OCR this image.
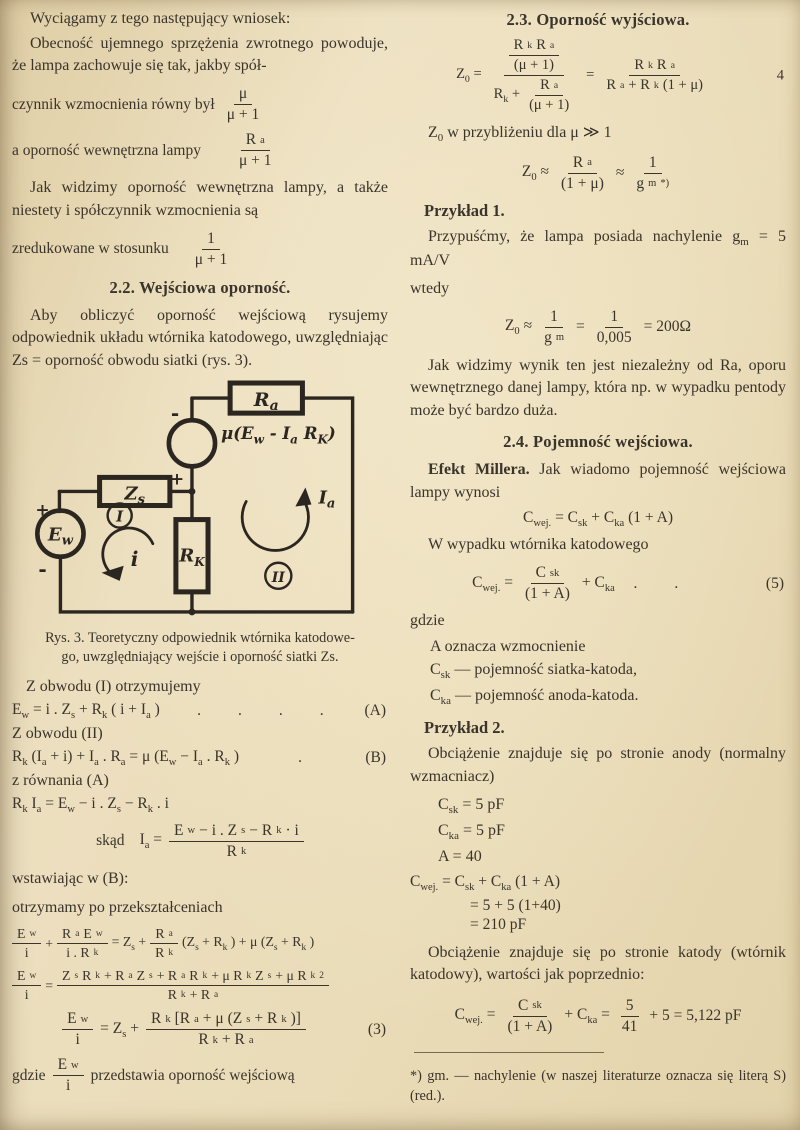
Wyciągamy z tego następujący wniosek:

Obecność ujemnego sprzężenia zwrotnego powoduje, że lampa zachowuje się tak, jakby spół-

czynnik wzmocnienia równy był $\frac{\mu}{\mu + 1}$
a oporność wewnętrzna lampy $\frac{\text{R a}}{\mu + 1}$

Jak widzimy oporność wewnętrzna lampy, a także niestety i spółczynnik wzmocnienia są

zredukowane w stosunku $\frac{1}{\mu + 1}$
2.2. Wejściowa oporność.

Aby obliczyć oporność wejściową rysujemy odpowiednik układu wtórnika katodowego, uwzględniając Zs = oporność obwodu siatki (rys. 3).

$R_a$
$\mu(E_w - I_a$ $R_K$)
$Z_s$
$E_w$
$R_K$
I
II
i
$I_a$
-
+
+
-

Rys. 3. Teoretyczny odpowiednik wtórnika katodowe-
go, uwzględniający wejście i oporność siatki Zs.

Z obwodu (I) otrzymujemy

$E_w = i$ . $Z_s + R_k$ ( $i + I_a$ )	.  .  .  .	(A)

Z obwodu (II)

$R_k$ $(I_a + i) + I_a$ . $R_a = \mu$ ($E_w - I_a$ . $R_k$ )	.	(B)

z równania (A)

$R_k$ $I_a = E_w - i$ . $Z_s - R_k$ . i
skąd $I_a = \frac{\text{E w − i . Z s − R k · i}}{\text{R k}}$

wstawiając w (B):

otrzymamy po przekształceniach

$\frac{\text{E w}}{i} + \frac{\text{R a E w}}{\text{i . R k}} = Z_s + \frac{\text{R a}}{\text{R k}} (Z_s + R_k$ ) + μ ($Z_s + R_k$ )
$\frac{\text{E w}}{i} = \frac{\text{Z s R k + R a Z s + R a R k + μ R k Z s + μ R k 2}}{\text{R k + R a}}$
$\frac{\text{E w}}{i} = Z_s + \frac{\text{R k [R a + μ (Z s + R k )]}}{\text{R k + R a}}$	(3)
gdzie $\frac{\text{E w}}{i}$ przedstawia oporność wejściową
2.3. Oporność wyjściowa.
$Z_0 = \frac{\frac{\text{R k R a}}{(\mu + 1)}}{R_k + \frac{\text{R a}}{(\mu + 1)}} = \frac{\text{R k R a}}{\text{R a + R k (1 + μ)}}$	4

$Z_0$ w przybliżeniu dla μ ≫ 1

$Z_0 \approx \frac{\text{R a}}{(1 + \mu)} \approx \frac{1}{\text{g m *)}}$
Przykład 1.

Przypuśćmy, że lampa posiada nachylenie $g_m = 5$ mA/V

wtedy

$Z_0 \approx \frac{1}{\text{g m}} = \frac{1}{0,005} = 200\Omega$

Jak widzimy wynik ten jest niezależny od Ra, oporu wewnętrznego danej lampy, która np. w wypadku pentody może być bardzo duża.

2.4. Pojemność wejściowa.

Efekt Millera. Jak wiadomo pojemność wejściowa lampy wynosi

$C_{wej.} = C_{sk} + C_{ka}$ (1 + A)

W wypadku wtórnika katodowego

$C_{wej.} = \frac{\text{C sk}}{(1 + A)} + C_{ka}$	.  .	(5)

gdzie

A oznacza wzmocnienie
$C_{sk}$ — pojemność siatka-katoda,
$C_{ka}$ — pojemność anoda-katoda.
Przykład 2.

Obciążenie znajduje się po stronie anody (normalny wzmacniacz)

$C_{sk} = 5$ pF
$C_{ka} = 5$ pF
A = 40
$C_{wej.} = C_{sk} + C_{ka}$ (1 + A)
= 5 + 5 (1+40)
= 210 pF

Obciążenie znajduje się po stronie katody (wtórnik katodowy), wartości jak poprzednio:

$C_{wej.} = \frac{\text{C sk}}{(1 + A)} + C_{ka} = \frac{5}{41} + 5 = 5,122$ pF

*) gm. — nachylenie (w naszej literaturze oznacza się literą S) (red.).
